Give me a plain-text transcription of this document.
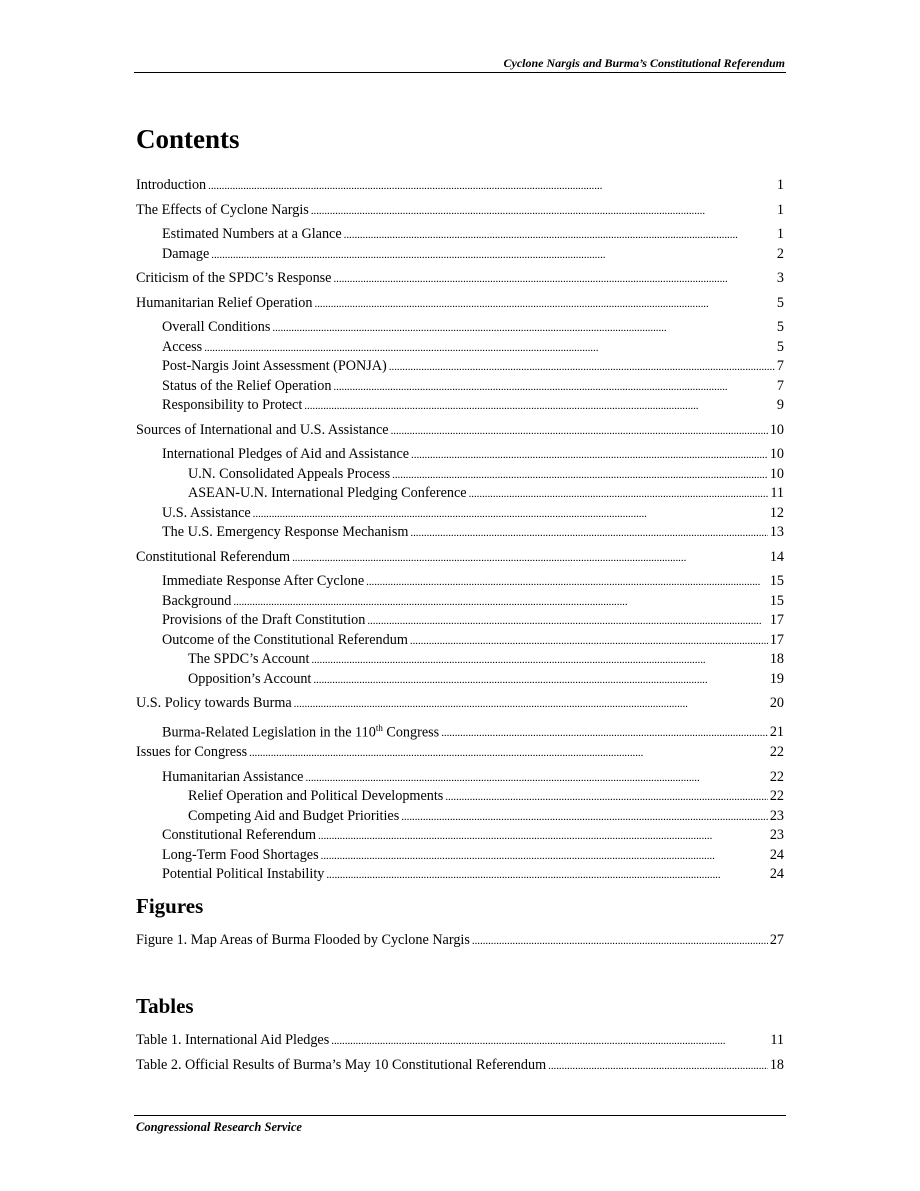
Cyclone Nargis and Burma’s Constitutional Referendum
Contents
Introduction . . .	1
The Effects of Cyclone Nargis . . .	1
Estimated Numbers at a Glance . . .	1
Damage . . .	2
Criticism of the SPDC’s Response . . .	3
Humanitarian Relief Operation . . .	5
Overall Conditions . . .	5
Access . . .	5
Post-Nargis Joint Assessment (PONJA) . . .	7
Status of the Relief Operation . . .	7
Responsibility to Protect . . .	9
Sources of International and U.S. Assistance . . .	10
International Pledges of Aid and Assistance . . .	10
U.N. Consolidated Appeals Process . . .	10
ASEAN-U.N. International Pledging Conference . . .	11
U.S. Assistance . . .	12
The U.S. Emergency Response Mechanism . . .	13
Constitutional Referendum . . .	14
Immediate Response After Cyclone . . .	15
Background . . .	15
Provisions of the Draft Constitution . . .	17
Outcome of the Constitutional Referendum . . .	17
The SPDC’s Account . . .	18
Opposition’s Account . . .	19
U.S. Policy towards Burma . . .	20
Burma-Related Legislation in the 110th Congress . . .	21
Issues for Congress . . .	22
Humanitarian Assistance . . .	22
Relief Operation and Political Developments . . .	22
Competing Aid and Budget Priorities . . .	23
Constitutional Referendum . . .	23
Long-Term Food Shortages . . .	24
Potential Political Instability . . .	24
Figures
Figure 1. Map Areas of Burma Flooded by Cyclone Nargis . . .	27
Tables
Table 1. International Aid Pledges . . .	11
Table 2. Official Results of Burma’s May 10 Constitutional Referendum . . .	18
Congressional Research Service
